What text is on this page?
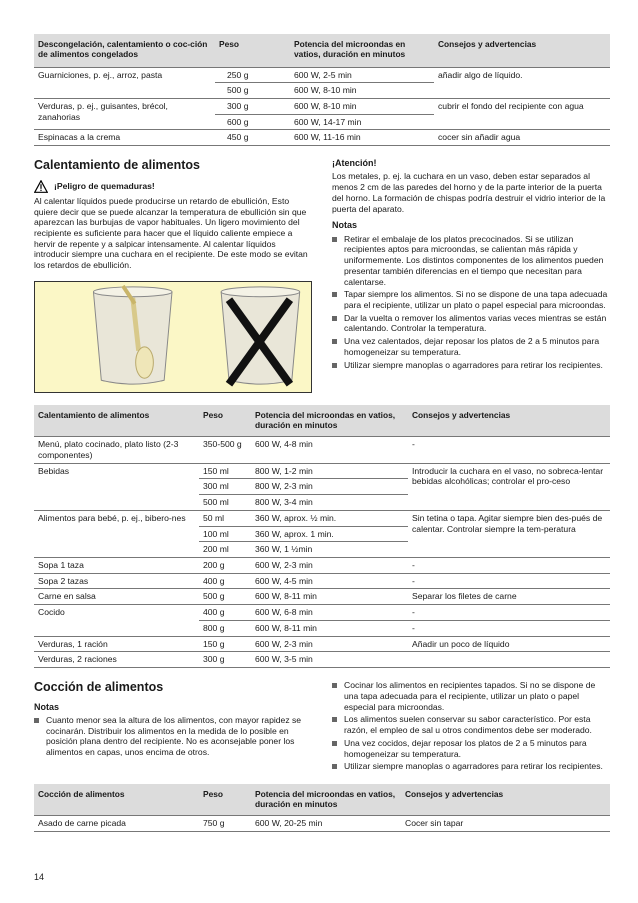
Descongelación, calentamiento o coc-ción de alimentos congelados	Peso	Potencia del microondas en vatios, duración en minutos	Consejos y advertencias
Guarniciones, p. ej., arroz, pasta	250 g	600 W, 2-5 min	añadir algo de líquido.
	500 g	600 W, 8-10 min	
Verduras, p. ej., guisantes, brécol, zanahorias	300 g	600 W, 8-10 min	cubrir el fondo del recipiente con agua
	600 g	600 W, 14-17 min	
Espinacas a la crema	450 g	600 W, 11-16 min	cocer sin añadir agua
Calentamiento de alimentos
¡Peligro de quemaduras!

Al calentar líquidos puede producirse un retardo de ebullición, Esto quiere decir que se puede alcanzar la temperatura de ebullición sin que aparezcan las burbujas de vapor habituales. Un ligero movimiento del recipiente es suficiente para hacer que el líquido caliente empiece a hervir de repente y a salpicar intensamente. Al calentar líquidos introducir siempre una cuchara en el recipiente. De este modo se evitan los retardos de ebullición.

¡Atención!

Los metales, p. ej. la cuchara en un vaso, deben estar separados al menos 2 cm de las paredes del horno y de la parte interior de la puerta del horno. La formación de chispas podría destruir el vidrio interior de la puerta del aparato.

Notas
Retirar el embalaje de los platos precocinados. Si se utilizan recipientes aptos para microondas, se calientan más rápida y uniformemente. Los distintos componentes de los alimentos pueden presentar también diferencias en el tiempo que necesitan para calentarse.
Tapar siempre los alimentos. Si no se dispone de una tapa adecuada para el recipiente, utilizar un plato o papel especial para microondas.
Dar la vuelta o remover los alimentos varias veces mientras se están calentando. Controlar la temperatura.
Una vez calentados, dejar reposar los platos de 2 a 5 minutos para homogeneizar su temperatura.
Utilizar siempre manoplas o agarradores para retirar los recipientes.
Calentamiento de alimentos	Peso	Potencia del microondas en vatios, duración en minutos	Consejos y advertencias
Menú, plato cocinado, plato listo (2-3 componentes)	350-500 g	600 W, 4-8 min	-
Bebidas	150 ml	800 W, 1-2 min	Introducir la cuchara en el vaso, no sobreca-lentar bebidas alcohólicas; controlar el pro-ceso
	300 ml	800 W, 2-3 min	
	500 ml	800 W, 3-4 min	
Alimentos para bebé, p. ej., bibero-nes	50 ml	360 W, aprox. ½ min.	Sin tetina o tapa. Agitar siempre bien des-pués de calentar. Controlar siempre la tem-peratura
	100 ml	360 W, aprox. 1 min.	
	200 ml	360 W, 1 ½min	
Sopa 1 taza	200 g	600 W, 2-3 min	-
Sopa 2 tazas	400 g	600 W, 4-5 min	-
Carne en salsa	500 g	600 W, 8-11 min	Separar los filetes de carne
Cocido	400 g	600 W, 6-8 min	-
	800 g	600 W, 8-11 min	-
Verduras, 1 ración	150 g	600 W, 2-3 min	Añadir un poco de líquido
Verduras, 2 raciones	300 g	600 W, 3-5 min	
Cocción de alimentos
Notas
Cuanto menor sea la altura de los alimentos, con mayor rapidez se cocinarán. Distribuir los alimentos en la medida de lo posible en posición plana dentro del recipiente. No es aconsejable poner los alimentos en capas, unos encima de otros.
Cocinar los alimentos en recipientes tapados. Si no se dispone de una tapa adecuada para el recipiente, utilizar un plato o papel especial para microondas.
Los alimentos suelen conservar su sabor característico. Por esta razón, el empleo de sal u otros condimentos debe ser moderado.
Una vez cocidos, dejar reposar los platos de 2 a 5 minutos para homogeneizar su temperatura.
Utilizar siempre manoplas o agarradores para retirar los recipientes.
Cocción de alimentos	Peso	Potencia del microondas en vatios, duración en minutos	Consejos y advertencias
Asado de carne picada	750 g	600 W, 20-25 min	Cocer sin tapar
14
